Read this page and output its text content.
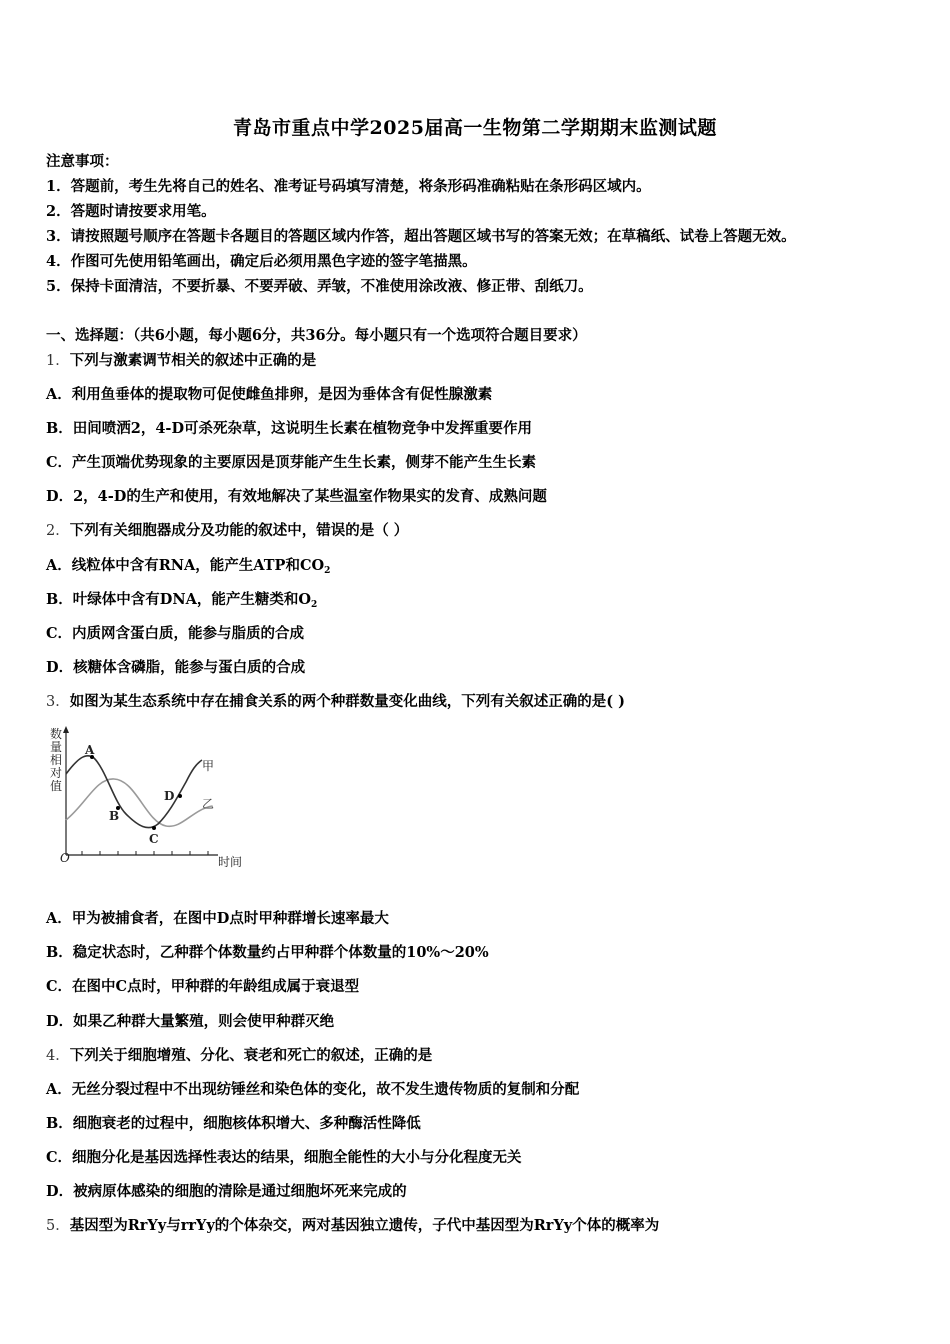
青岛市重点中学2025届高一生物第二学期期末监测试题
注意事项：
1．答题前，考生先将自己的姓名、准考证号码填写清楚，将条形码准确粘贴在条形码区域内。
2．答题时请按要求用笔。
3．请按照题号顺序在答题卡各题目的答题区域内作答，超出答题区域书写的答案无效；在草稿纸、试卷上答题无效。
4．作图可先使用铅笔画出，确定后必须用黑色字迹的签字笔描黑。
5．保持卡面清洁，不要折暴、不要弄破、弄皱，不准使用涂改液、修正带、刮纸刀。
一、选择题：（共6小题，每小题6分，共36分。每小题只有一个选项符合题目要求）
1．下列与激素调节相关的叙述中正确的是
A．利用鱼垂体的提取物可促使雌鱼排卵，是因为垂体含有促性腺激素
B．田间喷洒2，4-D可杀死杂草，这说明生长素在植物竞争中发挥重要作用
C．产生顶端优势现象的主要原因是顶芽能产生生长素，侧芽不能产生生长素
D．2，4-D的生产和使用，有效地解决了某些温室作物果实的发育、成熟问题
2．下列有关细胞器成分及功能的叙述中，错误的是（ ）
A．线粒体中含有RNA，能产生ATP和$CO_2$
B．叶绿体中含有DNA，能产生糖类和$O_2$
C．内质网含蛋白质，能参与脂质的合成
D．核糖体含磷脂，能参与蛋白质的合成
3．如图为某生态系统中存在捕食关系的两个种群数量变化曲线，下列有关叙述正确的是( )
数
量
相
对
值
O	时间
A
B
C
D
甲
乙
A．甲为被捕食者，在图中D点时甲种群增长速率最大
B．稳定状态时，乙种群个体数量约占甲种群个体数量的10%～20%
C．在图中C点时，甲种群的年龄组成属于衰退型
D．如果乙种群大量繁殖，则会使甲种群灭绝
4．下列关于细胞增殖、分化、衰老和死亡的叙述，正确的是
A．无丝分裂过程中不出现纺锤丝和染色体的变化，故不发生遗传物质的复制和分配
B．细胞衰老的过程中，细胞核体积增大、多种酶活性降低
C．细胞分化是基因选择性表达的结果，细胞全能性的大小与分化程度无关
D．被病原体感染的细胞的清除是通过细胞坏死来完成的
5．基因型为RrYy与rrYy的个体杂交，两对基因独立遗传，子代中基因型为RrYy个体的概率为
